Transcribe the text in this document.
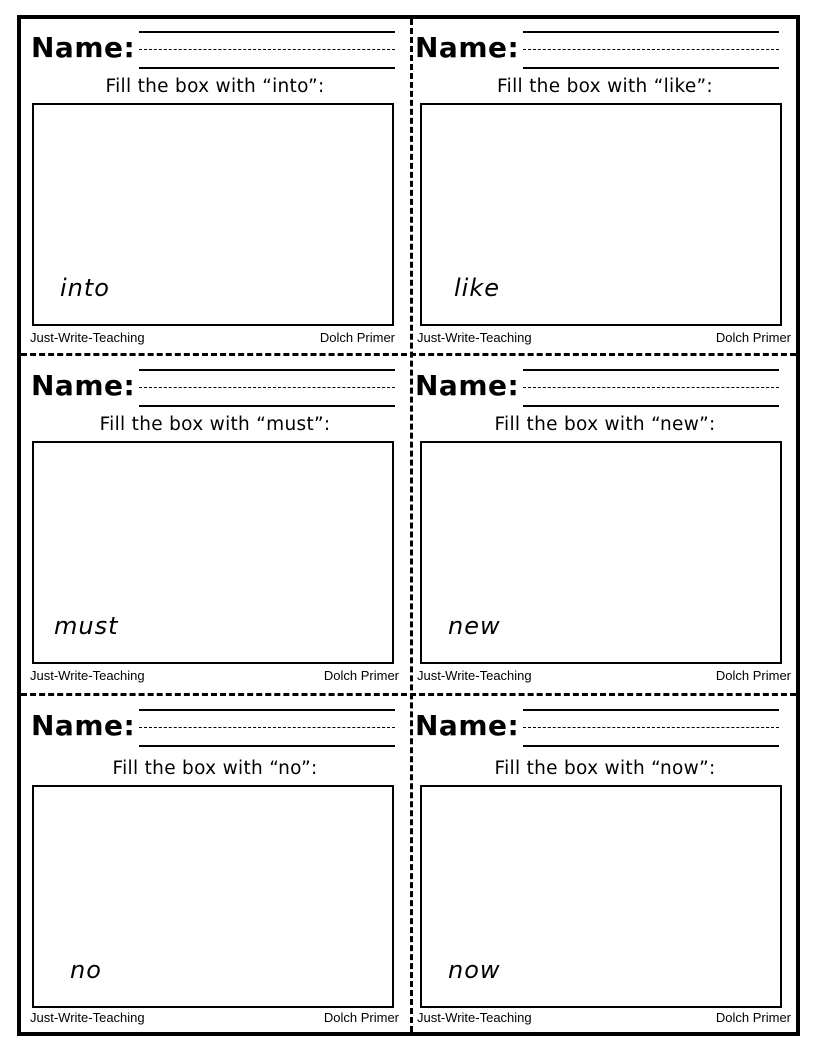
Name:
Fill the box with “into”:
into
Just-Write-Teaching	Dolch Primer
Name:
Fill the box with “like”:
like
Just-Write-Teaching	Dolch Primer
Name:
Fill the box with “must”:
must
Just-Write-Teaching	Dolch Primer
Name:
Fill the box with “new”:
new
Just-Write-Teaching	Dolch Primer
Name:
Fill the box with “no”:
no
Just-Write-Teaching	Dolch Primer
Name:
Fill the box with “now”:
now
Just-Write-Teaching	Dolch Primer
